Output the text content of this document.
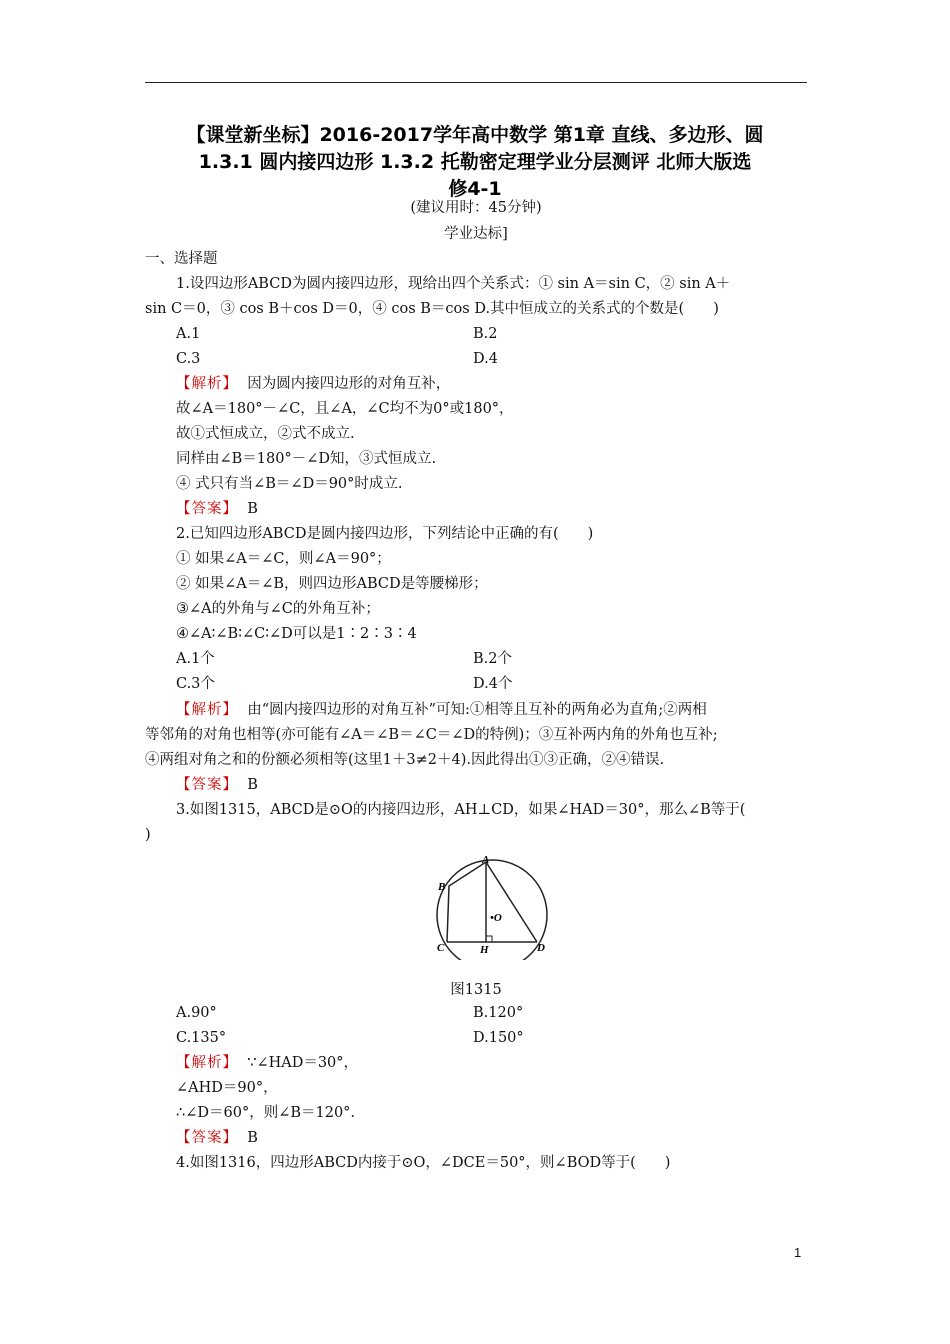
【课堂新坐标】2016-2017学年高中数学 第1章 直线、多边形、圆
1.3.1 圆内接四边形 1.3.2 托勒密定理学业分层测评 北师大版选
修4-1
(建议用时：45分钟)
学业达标]
一、选择题
1.设四边形ABCD为圆内接四边形，现给出四个关系式：① sin A＝sin C，② sin A＋
sin C＝0，③ cos B＋cos D＝0，④ cos B＝cos D.其中恒成立的关系式的个数是(　　)
A.1	B.2
C.3	D.4
【解析】 因为圆内接四边形的对角互补，
故∠A＝180°－∠C，且∠A，∠C均不为0°或180°，
故①式恒成立，②式不成立.
同样由∠B＝180°－∠D知，③式恒成立.
④ 式只有当∠B＝∠D＝90°时成立.
【答案】 B
2.已知四边形ABCD是圆内接四边形，下列结论中正确的有(　　)
① 如果∠A＝∠C，则∠A＝90°；
② 如果∠A＝∠B，则四边形ABCD是等腰梯形；
③∠A的外角与∠C的外角互补；
④∠A∶∠B∶∠C∶∠D可以是1∶2∶3∶4
A.1个	B.2个
C.3个	D.4个
【解析】 由“圆内接四边形的对角互补”可知:①相等且互补的两角必为直角;②两相
等邻角的对角也相等(亦可能有∠A＝∠B＝∠C＝∠D的特例)；③互补两内角的外角也互补;
④两组对角之和的份额必须相等(这里1＋3≠2＋4).因此得出①③正确，②④错误.
【答案】 B
3.如图1315，ABCD是⊙O的内接四边形，AH⊥CD，如果∠HAD＝30°，那么∠B等于(
)
A
B
C	D
H
•O
图1315
A.90°	B.120°
C.135°	D.150°
【解析】 ∵∠HAD＝30°，
∠AHD＝90°，
∴∠D＝60°，则∠B＝120°.
【答案】 B
4.如图1316，四边形ABCD内接于⊙O，∠DCE＝50°，则∠BOD等于(　　)
1
